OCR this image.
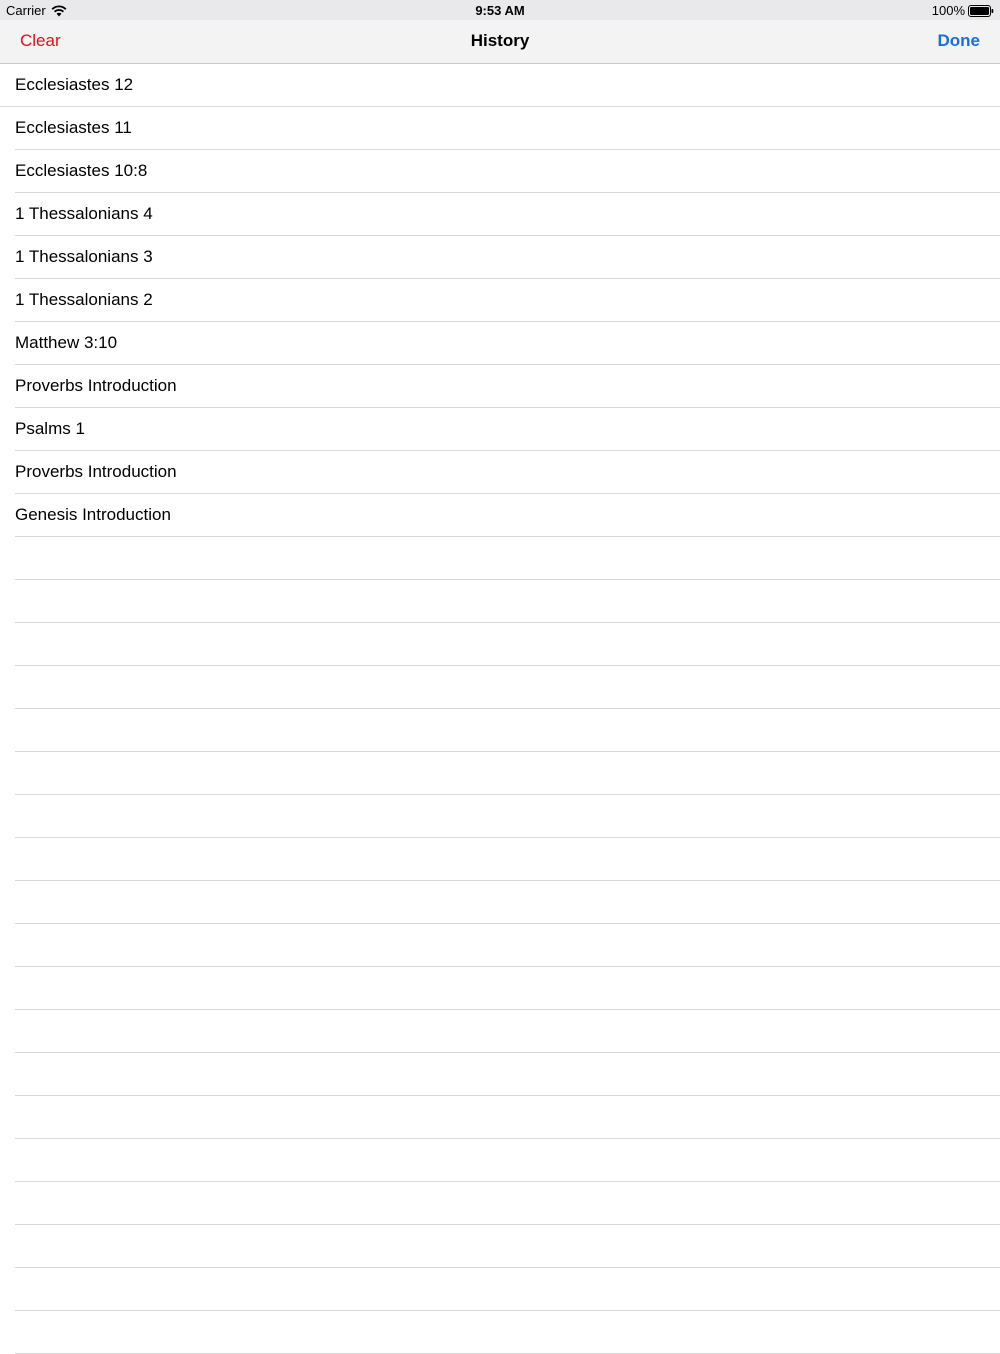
Carrier	9:53 AM	100%
Clear	History	Done
Ecclesiastes 12
Ecclesiastes 11
Ecclesiastes 10:8
1 Thessalonians 4
1 Thessalonians 3
1 Thessalonians 2
Matthew 3:10
Proverbs Introduction
Psalms 1
Proverbs Introduction
Genesis Introduction
